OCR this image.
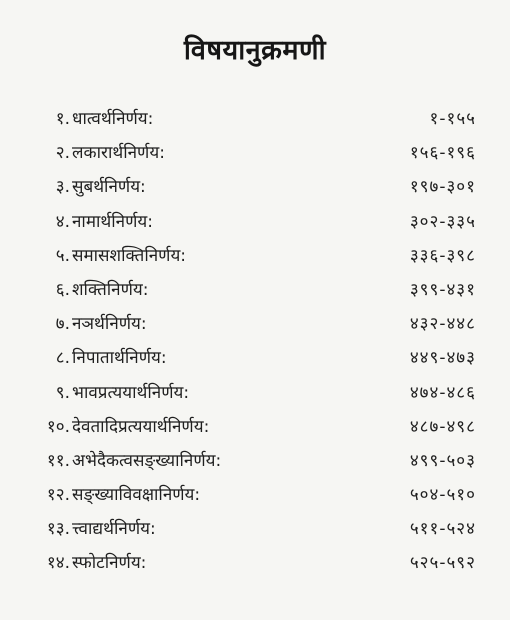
विषयानुक्रमणी
१. धात्वर्थनिर्णय:	१-१५५
२. लकारार्थनिर्णय:	१५६-१९६
३. सुबर्थनिर्णय:	१९७-३०१
४. नामार्थनिर्णय:	३०२-३३५
५. समासशक्तिनिर्णय:	३३६-३९८
६. शक्तिनिर्णय:	३९९-४३१
७. नञर्थनिर्णय:	४३२-४४८
८. निपातार्थनिर्णय:	४४९-४७३
९. भावप्रत्ययार्थनिर्णय:	४७४-४८६
१०. देवतादिप्रत्ययार्थनिर्णय:	४८७-४९८
११. अभेदैकत्वसङ्ख्यानिर्णय:	४९९-५०३
१२. सङ्ख्याविवक्षानिर्णय:	५०४-५१०
१३. त्त्वाद्यर्थनिर्णय:	५११-५२४
१४. स्फोटनिर्णय:	५२५-५९२
